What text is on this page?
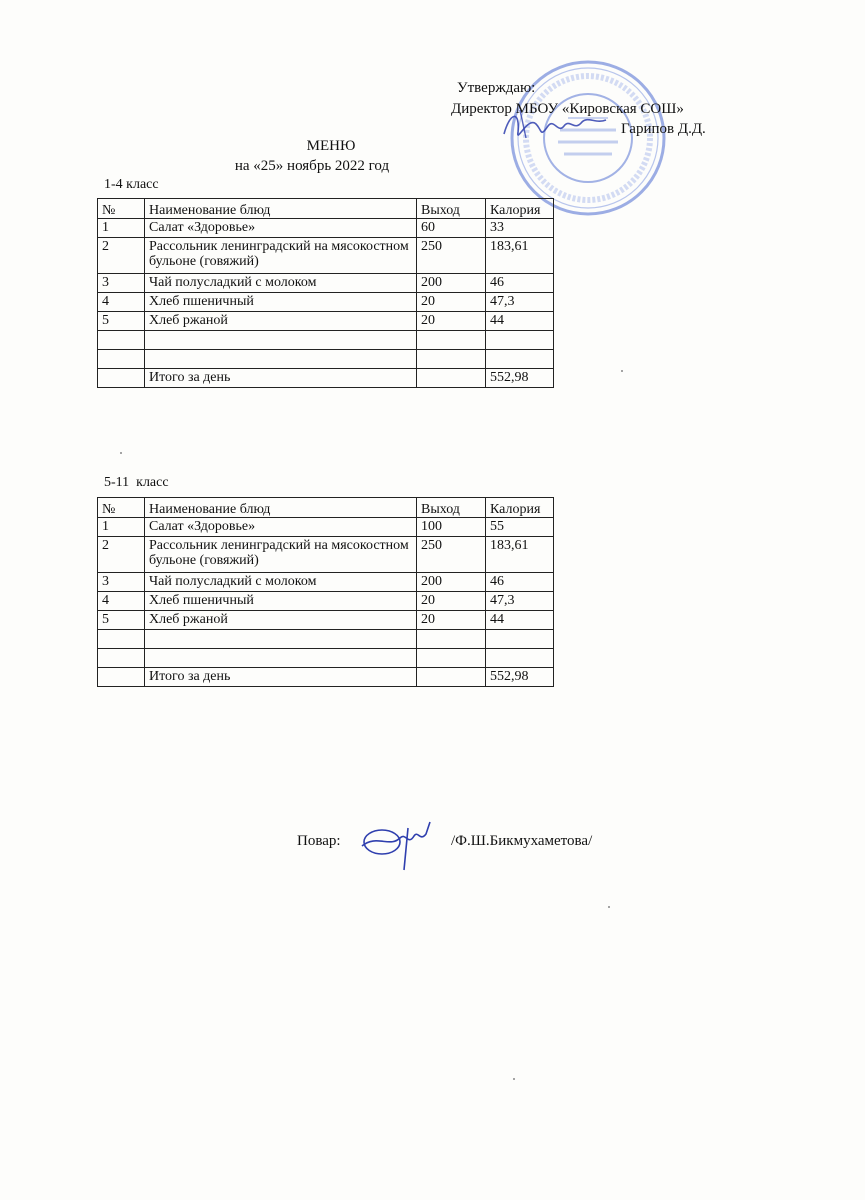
Утверждаю:
Директор МБОУ «Кировская СОШ»
Гарипов Д.Д.
МЕНЮ
на «25» ноябрь 2022 год
1-4 класс
№	Наименование блюд	Выход	Калория
1	Салат «Здоровье»	60	33
2	Рассольник ленинградский на мясокостном бульоне (говяжий)	250	183,61
3	Чай полусладкий с молоком	200	46
4	Хлеб пшеничный	20	47,3
5	Хлеб ржаной	20	44

	Итого за день		552,98
5-11  класс
№	Наименование блюд	Выход	Калория
1	Салат «Здоровье»	100	55
2	Рассольник ленинградский на мясокостном бульоне (говяжий)	250	183,61
3	Чай полусладкий с молоком	200	46
4	Хлеб пшеничный	20	47,3
5	Хлеб ржаной	20	44

	Итого за день		552,98
Повар:	/Ф.Ш.Бикмухаметова/
